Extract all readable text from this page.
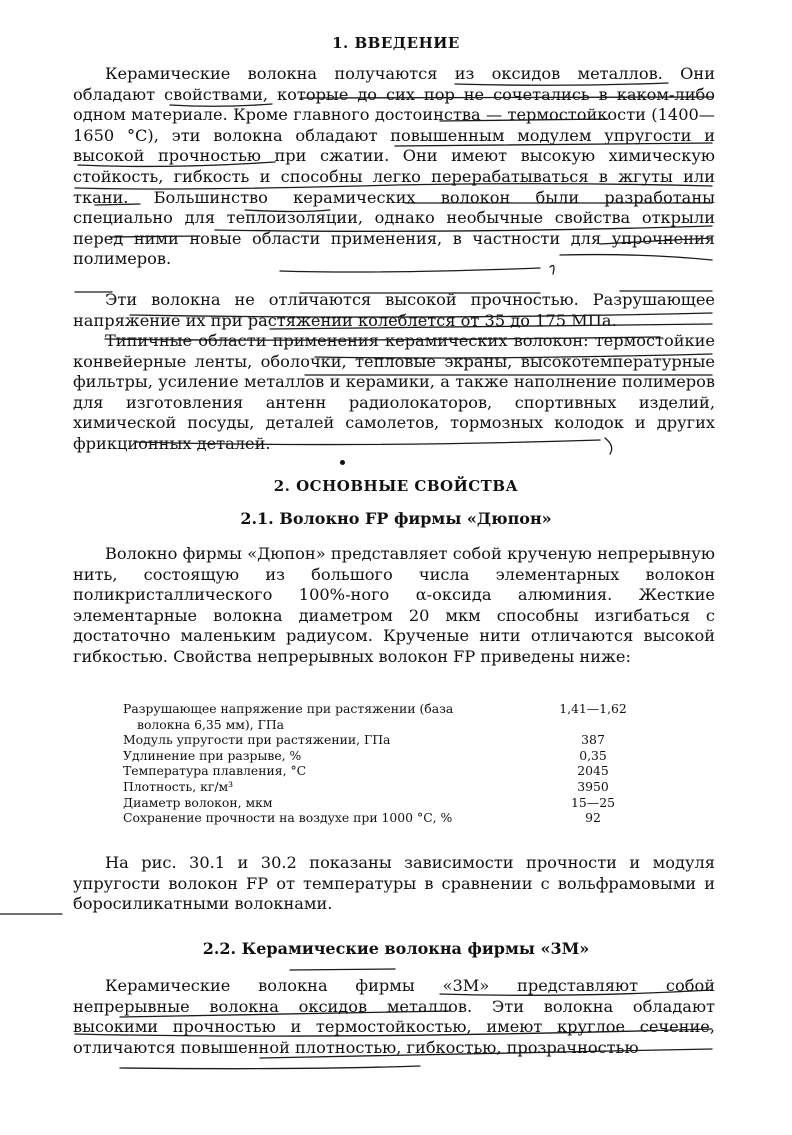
1. ВВЕДЕНИЕ

Керамические волокна получаются из оксидов металлов. Они обладают свойствами, которые до сих пор не сочетались в каком-либо одном материале. Кроме главного достоинства — термостойкости (1400—1650 °С), эти волокна обладают повышенным модулем упругости и высокой прочностью при сжатии. Они имеют высокую химическую стойкость, гибкость и способны легко перерабатываться в жгуты или ткани. Большинство керамических волокон были разработаны специально для теплоизоляции, однако необычные свойства открыли перед ними новые области применения, в частности для упрочнения полимеров.

Эти волокна не отличаются высокой прочностью. Разрушающее напряжение их при растяжении колеблется от 35 до 175 МПа.

Типичные области применения керамических волокон: термостойкие конвейерные ленты, оболочки, тепловые экраны, высокотемпературные фильтры, усиление металлов и керамики, а также наполнение полимеров для изготовления антенн радиолокаторов, спортивных изделий, химической посуды, деталей самолетов, тормозных колодок и других фрикционных деталей.

2. ОСНОВНЫЕ СВОЙСТВА
2.1. Волокно FP фирмы «Дюпон»

Волокно фирмы «Дюпон» представляет собой крученую непрерывную нить, состоящую из большого числа элементарных волокон поликристаллического 100%-ного α-оксида алюминия. Жесткие элементарные волокна диаметром 20 мкм способны изгибаться с достаточно маленьким радиусом. Крученые нити отличаются высокой гибкостью. Свойства непрерывных волокон FP приведены ниже:

Разрушающее напряжение при растяжении (база	1,41—1,62
волокна 6,35 мм), ГПа
Модуль упругости при растяжении, ГПа	387
Удлинение при разрыве, %	0,35
Температура плавления, °С	2045
Плотность, кг/м³	3950
Диаметр волокон, мкм	15—25
Сохранение прочности на воздухе при 1000 °С, %	92

На рис. 30.1 и 30.2 показаны зависимости прочности и модуля упругости волокон FP от температуры в сравнении с вольфрамовыми и боросиликатными волокнами.

2.2. Керамические волокна фирмы «3М»

Керамические волокна фирмы «3М» представляют собой непрерывные волокна оксидов металлов. Эти волокна обладают высокими прочностью и термостойкостью, имеют круглое сечение, отличаются повышенной плотностью, гибкостью, прозрачностью
